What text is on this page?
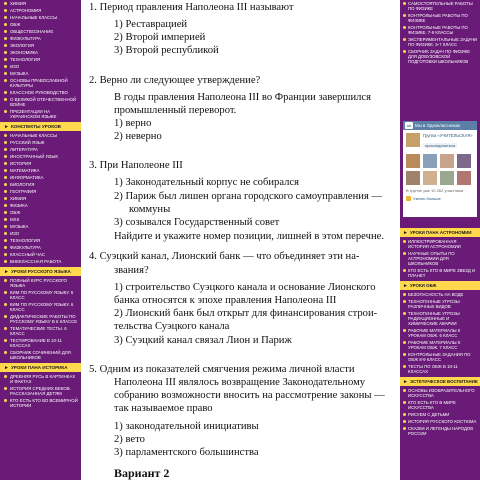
ХИМИЯ
АСТРОНОМИЯ
НАЧАЛЬНЫЕ КЛАССЫ
ОБЖ
ОБЩЕСТВОЗНАНИЕ
ФИЗКУЛЬТУРА
ЭКОЛОГИЯ
ЭКОНОМИКА
ТЕХНОЛОГИЯ
ИЗО
МУЗЫКА
ОСНОВЫ ПРАВОСЛАВНОЙ КУЛЬТУРЫ
КЛАССНОЕ РУКОВОДСТВО
О ВЕЛИКОЙ ОТЕЧЕСТВЕННОЙ ВОЙНЕ
ПРЕЗЕНТАЦИИ НА УКРАИНСКОМ ЯЗЫКЕ
► КОНСПЕКТЫ УРОКОВ
НАЧАЛЬНЫЕ КЛАССЫ
РУССКИЙ ЯЗЫК
ЛИТЕРАТУРА
ИНОСТРАННЫЙ ЯЗЫК
ИСТОРИЯ
МАТЕМАТИКА
ИНФОРМАТИКА
БИОЛОГИЯ
ГЕОГРАФИЯ
ХИМИЯ
ФИЗИКА
ОБЖ
МХК
МУЗЫКА
ИЗО
ТЕХНОЛОГИЯ
ФИЗКУЛЬТУРА
КЛАССНЫЙ ЧАС
ВНЕКЛАССНАЯ РАБОТА
► УРОКИ РУССКОГО ЯЗЫКА
ПОЛНЫЙ КУРС РУССКОГО ЯЗЫКА
КИМ ПО РУССКОМУ ЯЗЫКУ. 5 КЛАСС
КИМ ПО РУССКОМУ ЯЗЫКУ. 6 КЛАСС
ДИДАКТИЧЕСКИЕ РАБОТЫ ПО РУССКОМУ ЯЗЫКУ В 6 КЛАССЕ
ТЕМАТИЧЕСКИЕ ТЕСТЫ. 6 КЛАСС
ТЕСТИРОВАНИЕ В 10-11 КЛАССАХ
СБОРНИК СОЧИНЕНИЙ ДЛЯ ШКОЛЬНИКОВ
► УРОКИ ПАНА ИСТОРИКА
ДРЕВНЯЯ РУСЬ В КАРТИНКАХ И ФАКТАХ
ИСТОРИЯ СРЕДНИХ ВЕКОВ. РАССКАЗАННАЯ ДЕТЯМ
КТО ЕСТЬ КТО ВО ВСЕМИРНОЙ ИСТОРИИ
1. Период правления Наполеона III называют
1) Реставрацией
2) Второй империей
3) Второй республикой
2. Верно ли следующее утверждение?
В годы правления Наполеона III во Франции завершился
промышленный переворот.
1) верно
2) неверно
3. При Наполеоне III
1) Законодательный корпус не собирался
2) Париж был лишен органа городского самоуправления —
коммуны
3) созывался Государственный совет
Найдите и укажите номер позиции, лишней в этом перечне.
4. Суэцкий канал, Лионский банк — что объединяет эти на-
звания?
1) строительство Суэцкого канала и основание Лионского
банка относятся к эпохе правления Наполеона III
2) Лионский банк был открыт для финансирования строи-
тельства Суэцкого канала
3) Суэцкий канал связал Лион и Париж
5. Одним из показателей смягчения режима личной власти
Наполеона III являлось возвращение Законодательному
собранию возможности вносить на рассмотрение законы —
так называемое право
1) законодательной инициативы
2) вето
3) парламентского большинства
Вариант 2
САМОСТОЯТЕЛЬНЫЕ РАБОТЫ ПО ФИЗИКЕ
КОНТРОЛЬНЫЕ РАБОТЫ ПО ФИЗИКЕ
КОНТРОЛЬНЫЕ РАБОТЫ ПО ФИЗИКЕ. 7-9 КЛАССЫ
ЭКСПЕРИМЕНТАЛЬНЫЕ ЗАДАЧИ ПО ФИЗИКЕ. 5-7 КЛАСС
СБОРНИК ЗАДАЧ ПО ФИЗИКЕ ДЛЯ ДОВУЗОВСКОЙ ПОДГОТОВКИ ШКОЛЬНИКОВ
ok Мы в Одноклассниках
Группа «УЧИТЕЛЬСКАЯ»
присоединиться
В группе уже 10 262 участника
Узнать больше
► УРОКИ ПАНА АСТРОНОМИИ
ИЛЛЮСТРИРОВАННАЯ ИСТОРИЯ АСТРОНОМИИ
НАУЧНЫЕ ОПЫТЫ ПО АСТРОНОМИИ ДЛЯ ШКОЛЬНИКОВ
КТО ЕСТЬ КТО В МИРЕ ЗВЕЗД И ПЛАНЕТ
► УРОКИ ОБЖ
БЕЗОПАСНОСТЬ НА ВОДЕ
ТЕХНОГЕННЫЕ УГРОЗЫ РАЗЛИЧНЫХ ВИДОВ
ТЕХНОГЕННЫЕ УГРОЗЫ РАДИАЦИОННЫЕ И ХИМИЧЕСКИЕ АВАРИИ
РАБОЧИЕ МАТЕРИАЛЫ К УРОКАМ ОБЖ. 6 КЛАСС
РАБОЧИЕ МАТЕРИАЛЫ К УРОКАМ ОБЖ. 7 КЛАСС
КОНТРОЛЬНЫЕ ЗАДАНИЯ ПО ОБЖ 8-9 КЛАСС
ТЕСТЫ ПО ОБЖ В 10-11 КЛАССАХ
► ЭСТЕТИЧЕСКОЕ ВОСПИТАНИЕ
ОСНОВЫ ИЗОБРАЗИТЕЛЬНОГО ИСКУССТВА
КТО ЕСТЬ КТО В МИРЕ ИСКУССТВА
РИСУЕМ С ДЕТЬМИ
ИСТОРИЯ РУССКОГО КОСТЮМА
СКАЗКИ И ЛЕГЕНДЫ НАРОДОВ РОССИИ
